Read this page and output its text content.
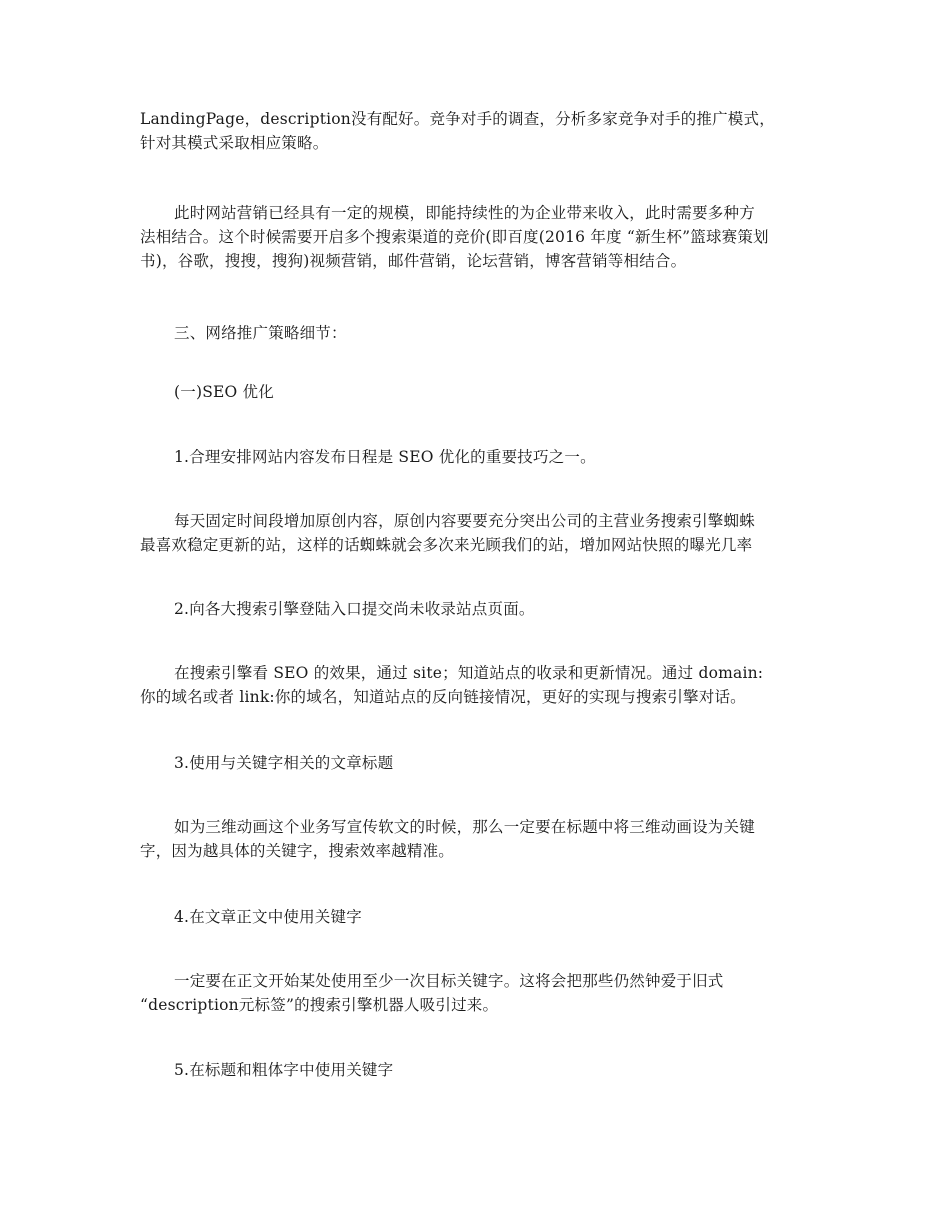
LandingPage，description没有配好。竞争对手的调查，分析多家竞争对手的推广模式，
针对其模式采取相应策略。
此时网站营销已经具有一定的规模，即能持续性的为企业带来收入，此时需要多种方
法相结合。这个时候需要开启多个搜索渠道的竞价(即百度(2016 年度 “新生杯”篮球赛策划
书)，谷歌，搜搜，搜狗)视频营销，邮件营销，论坛营销，博客营销等相结合。
三、网络推广策略细节：
(一)SEO 优化
1.合理安排网站内容发布日程是 SEO 优化的重要技巧之一。
每天固定时间段增加原创内容，原创内容要要充分突出公司的主营业务搜索引擎蜘蛛
最喜欢稳定更新的站，这样的话蜘蛛就会多次来光顾我们的站，增加网站快照的曝光几率
2.向各大搜索引擎登陆入口提交尚未收录站点页面。
在搜索引擎看 SEO 的效果，通过 site；知道站点的收录和更新情况。通过 domain:
你的域名或者 link:你的域名，知道站点的反向链接情况，更好的实现与搜索引擎对话。
3.使用与关键字相关的文章标题
如为三维动画这个业务写宣传软文的时候，那么一定要在标题中将三维动画设为关键
字，因为越具体的关键字，搜索效率越精准。
4.在文章正文中使用关键字
一定要在正文开始某处使用至少一次目标关键字。这将会把那些仍然钟爱于旧式
“description元标签”的搜索引擎机器人吸引过来。
5.在标题和粗体字中使用关键字
